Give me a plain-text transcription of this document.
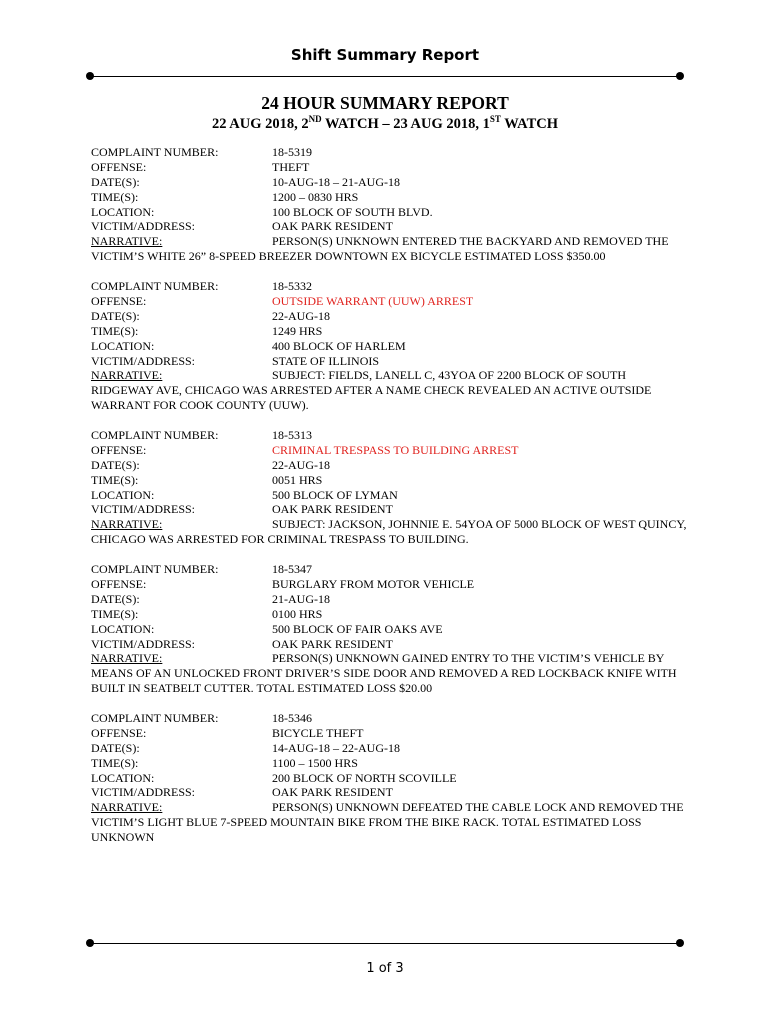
Shift Summary Report
24 HOUR SUMMARY REPORT
22 AUG 2018, 2ND WATCH – 23 AUG 2018, 1ST WATCH
COMPLAINT NUMBER:	18-5319
OFFENSE:	THEFT
DATE(S):	10-AUG-18 – 21-AUG-18
TIME(S):	1200 – 0830 HRS
LOCATION:	100 BLOCK OF SOUTH BLVD.
VICTIM/ADDRESS:	OAK PARK RESIDENT
NARRATIVE:	PERSON(S) UNKNOWN ENTERED THE BACKYARD AND REMOVED THE VICTIM’S WHITE 26” 8-SPEED BREEZER DOWNTOWN EX BICYCLE ESTIMATED LOSS $350.00
COMPLAINT NUMBER:	18-5332
OFFENSE:	OUTSIDE WARRANT (UUW) ARREST
DATE(S):	22-AUG-18
TIME(S):	1249 HRS
LOCATION:	400 BLOCK OF HARLEM
VICTIM/ADDRESS:	STATE OF ILLINOIS
NARRATIVE:	SUBJECT: FIELDS, LANELL C, 43YOA OF 2200 BLOCK OF SOUTH RIDGEWAY AVE, CHICAGO WAS ARRESTED AFTER A NAME CHECK REVEALED AN ACTIVE OUTSIDE WARRANT FOR COOK COUNTY (UUW).
COMPLAINT NUMBER:	18-5313
OFFENSE:	CRIMINAL TRESPASS TO BUILDING ARREST
DATE(S):	22-AUG-18
TIME(S):	0051 HRS
LOCATION:	500 BLOCK OF LYMAN
VICTIM/ADDRESS:	OAK PARK RESIDENT
NARRATIVE:	SUBJECT: JACKSON, JOHNNIE E. 54YOA OF 5000 BLOCK OF WEST QUINCY, CHICAGO WAS ARRESTED FOR CRIMINAL TRESPASS TO BUILDING.
COMPLAINT NUMBER:	18-5347
OFFENSE:	BURGLARY FROM MOTOR VEHICLE
DATE(S):	21-AUG-18
TIME(S):	0100 HRS
LOCATION:	500 BLOCK OF FAIR OAKS AVE
VICTIM/ADDRESS:	OAK PARK RESIDENT
NARRATIVE:	PERSON(S) UNKNOWN GAINED ENTRY TO THE VICTIM’S VEHICLE BY MEANS OF AN UNLOCKED FRONT DRIVER’S SIDE DOOR AND REMOVED A RED LOCKBACK KNIFE WITH BUILT IN SEATBELT CUTTER. TOTAL ESTIMATED LOSS $20.00
COMPLAINT NUMBER:	18-5346
OFFENSE:	BICYCLE THEFT
DATE(S):	14-AUG-18 – 22-AUG-18
TIME(S):	1100 – 1500 HRS
LOCATION:	200 BLOCK OF NORTH SCOVILLE
VICTIM/ADDRESS:	OAK PARK RESIDENT
NARRATIVE:	PERSON(S) UNKNOWN DEFEATED THE CABLE LOCK AND REMOVED THE VICTIM’S LIGHT BLUE 7-SPEED MOUNTAIN BIKE FROM THE BIKE RACK. TOTAL ESTIMATED LOSS UNKNOWN
1 of 3
